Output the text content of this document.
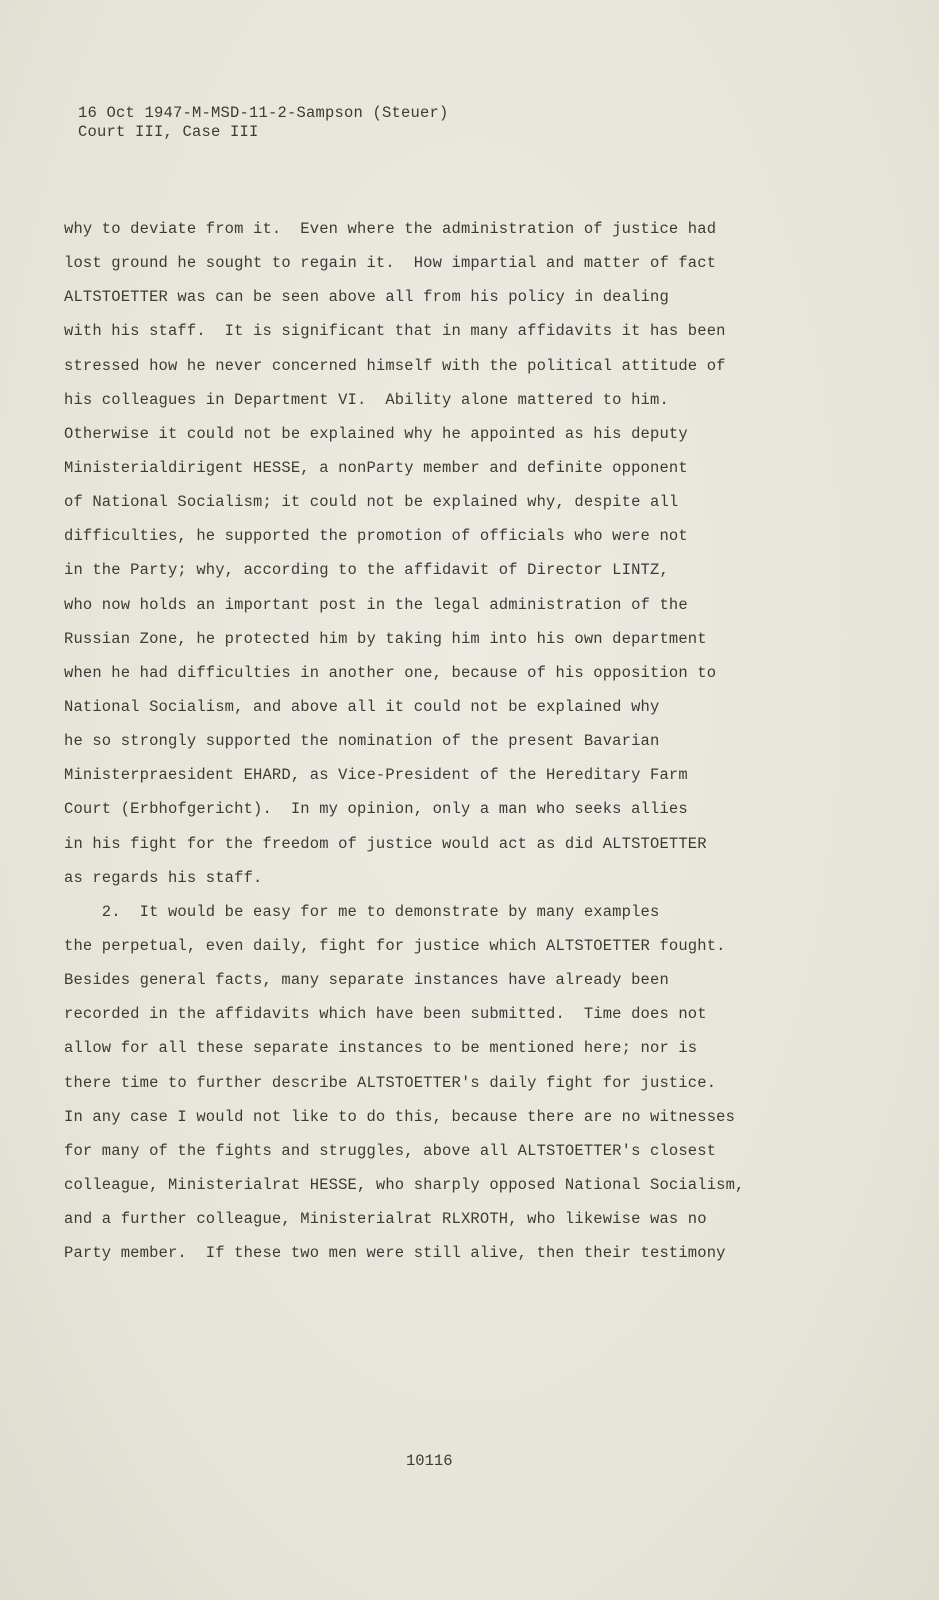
16 Oct 1947-M-MSD-11-2-Sampson (Steuer)
Court III, Case III
why to deviate from it.  Even where the administration of justice had
lost ground he sought to regain it.  How impartial and matter of fact
ALTSTOETTER was can be seen above all from his policy in dealing
with his staff.  It is significant that in many affidavits it has been
stressed how he never concerned himself with the political attitude of
his colleagues in Department VI.  Ability alone mattered to him.
Otherwise it could not be explained why he appointed as his deputy
Ministerialdirigent HESSE, a nonParty member and definite opponent
of National Socialism; it could not be explained why, despite all
difficulties, he supported the promotion of officials who were not
in the Party; why, according to the affidavit of Director LINTZ,
who now holds an important post in the legal administration of the
Russian Zone, he protected him by taking him into his own department
when he had difficulties in another one, because of his opposition to
National Socialism, and above all it could not be explained why
he so strongly supported the nomination of the present Bavarian
Ministerpraesident EHARD, as Vice-President of the Hereditary Farm
Court (Erbhofgericht).  In my opinion, only a man who seeks allies
in his fight for the freedom of justice would act as did ALTSTOETTER
as regards his staff.
2.  It would be easy for me to demonstrate by many examples
the perpetual, even daily, fight for justice which ALTSTOETTER fought.
Besides general facts, many separate instances have already been
recorded in the affidavits which have been submitted.  Time does not
allow for all these separate instances to be mentioned here; nor is
there time to further describe ALTSTOETTER's daily fight for justice.
In any case I would not like to do this, because there are no witnesses
for many of the fights and struggles, above all ALTSTOETTER's closest
colleague, Ministerialrat HESSE, who sharply opposed National Socialism,
and a further colleague, Ministerialrat RLXROTH, who likewise was no
Party member.  If these two men were still alive, then their testimony
10116
